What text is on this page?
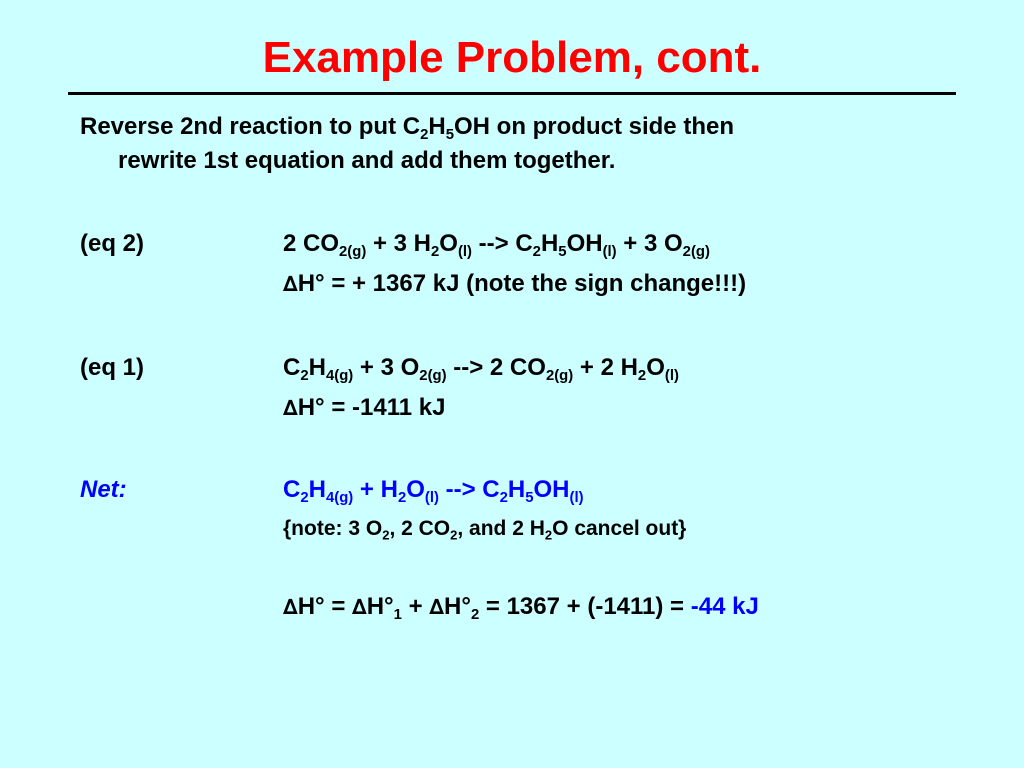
Example Problem, cont.
Reverse 2nd reaction to put $C_2H_5OH$ on product side then
rewrite 1st equation and add them together.
(eq 2)	2 $CO_{2(g)} + 3$ $H_2O_{(l)}$ --> $C_2H_5OH_{(l)} + 3$ $O_{2(g)}$
∆H° = + 1367 kJ (note the sign change!!!)
(eq 1)	$C_2H_{4(g)} + 3$ $O_{2(g)}$ --> 2 $CO_{2(g)} + 2$ $H_2O_{(l)}$
∆H° = -1411 kJ
Net:	$C_2H_{4(g)} + H_2O_{(l)}$ --> $C_2H_5OH_{(l)}$
{note: 3 $O_2$, 2 $CO_2$, and 2 $H_2O$ cancel out}
$\Delta H^\circ = \Delta H^\circ_1 + \Delta H^\circ_2 = 1367 + (-1411) = -44$ kJ
